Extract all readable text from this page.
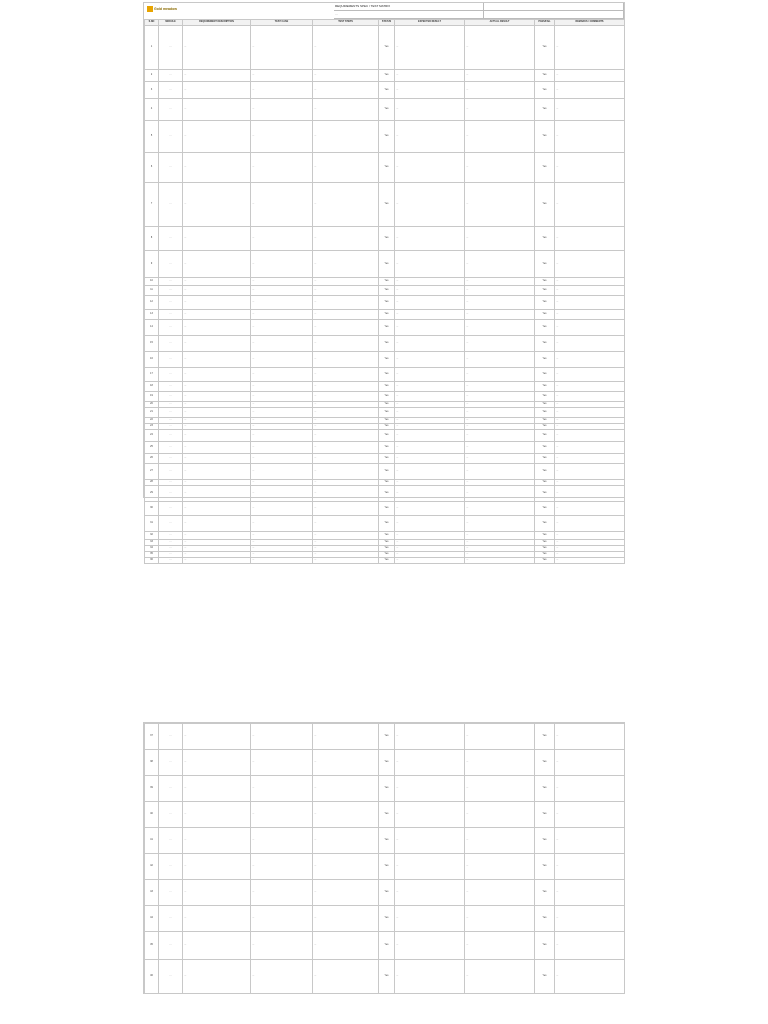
Gold meadow
REQUIREMENTS SPEC / TEST MATRIX
…
S.NO	MODULE	REQUIREMENT DESCRIPTION	TEST CASE	TEST STEPS	STATUS	EXPECTED RESULT	ACTUAL RESULT	PASS/FAIL	REMARKS / COMMENTS
1	…	…	…	…	Yes	…	…	Yes	…
2	…	…	…	…	Yes	…	…	Yes	…
3	…	…	…	…	Yes	…	…	Yes	…
4	…	…	…	…	Yes	…	…	Yes	…
5	…	…	…	…	Yes	…	…	Yes	…
6	…	…	…	…	Yes	…	…	Yes	…
7	…	…	…	…	Yes	…	…	Yes	…
8	…	…	…	…	Yes	…	…	Yes	…
9	…	…	…	…	Yes	…	…	Yes	…
10	…	…	…	…	Yes	…	…	Yes	…
11	…	…	…	…	Yes	…	…	Yes	…
12	…	…	…	…	Yes	…	…	Yes	…
13	…	…	…	…	Yes	…	…	Yes	…
14	…	…	…	…	Yes	…	…	Yes	…
15	…	…	…	…	Yes	…	…	Yes	…
16	…	…	…	…	Yes	…	…	Yes	…
17	…	…	…	…	Yes	…	…	Yes	…
18	…	…	…	…	Yes	…	…	Yes	…
19	…	…	…	…	Yes	…	…	Yes	…
20	…	…	…	…	Yes	…	…	Yes	…
21	…	…	…	…	Yes	…	…	Yes	…
22	…	…	…	…	Yes	…	…	Yes	…
23	…	…	…	…	Yes	…	…	Yes	…
24	…	…	…	…	Yes	…	…	Yes	…
25	…	…	…	…	Yes	…	…	Yes	…
26	…	…	…	…	Yes	…	…	Yes	…
27	…	…	…	…	Yes	…	…	Yes	…
28	…	…	…	…	Yes	…	…	Yes	…
29	…	…	…	…	Yes	…	…	Yes	…
30	…	…	…	…	Yes	…	…	Yes	…
31	…	…	…	…	Yes	…	…	Yes	…
32	…	…	…	…	Yes	…	…	Yes	…
33	…	…	…	…	Yes	…	…	Yes	…
34	…	…	…	…	Yes	…	…	Yes	…
35	…	…	…	…	Yes	…	…	Yes	…
36	…	…	…	…	Yes	…	…	Yes	…
37	…	…	…	…	Yes	…	…	Yes	…
38	…	…	…	…	Yes	…	…	Yes	…
39	…	…	…	…	Yes	…	…	Yes	…
40	…	…	…	…	Yes	…	…	Yes	…
41	…	…	…	…	Yes	…	…	Yes	…
42	…	…	…	…	Yes	…	…	Yes	…
43	…	…	…	…	Yes	…	…	Yes	…
44	…	…	…	…	Yes	…	…	Yes	…
45	…	…	…	…	Yes	…	…	Yes	…
46	…	…	…	…	Yes	…	…	Yes	…
